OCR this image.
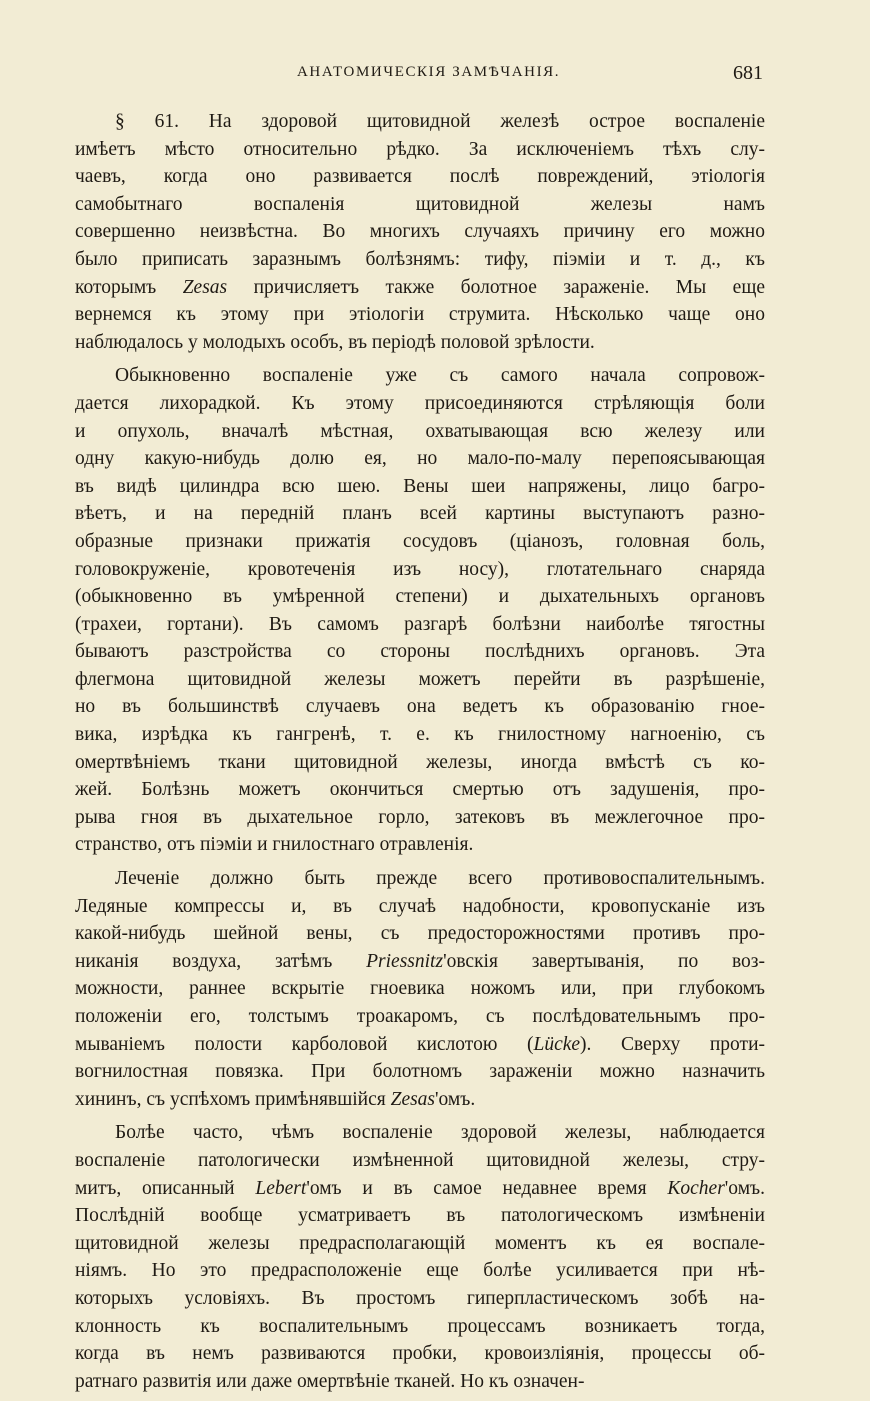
АНАТОМИЧЕСКIЯ ЗАМѢЧАНIЯ.	681
§ 61. На здоровой щитовидной железѣ острое воспаленiе
имѣетъ мѣсто относительно рѣдко. За исключенiемъ тѣхъ слу-
чаевъ, когда оно развивается послѣ повреждений, этiологiя
самобытнаго воспаленiя щитовидной железы намъ
совершенно неизвѣстна. Во многихъ случаяхъ причину его можно
было приписать заразнымъ болѣзнямъ: тифу, пiэмiи и т. д., къ
которымъ Zesas причисляетъ также болотное зараженiе. Мы еще
вернемся къ этому при этiологiи струмита. Нѣсколько чаще оно
наблюдалось у молодыхъ особъ, въ перiодѣ половой зрѣлости.
Обыкновенно воспаленiе уже съ самого начала сопровож-
дается лихорадкой. Къ этому присоединяются стрѣляющiя боли
и опухоль, вначалѣ мѣстная, охватывающая всю железу или
одну какую-нибудь долю ея, но мало-по-малу перепоясывающая
въ видѣ цилиндра всю шею. Вены шеи напряжены, лицо багро-
вѣетъ, и на переднiй планъ всей картины выступаютъ разно-
образные признаки прижатiя сосудовъ (цiанозъ, головная боль,
головокруженiе, кровотеченiя изъ носу), глотательнаго снаряда
(обыкновенно въ умѣренной степени) и дыхательныхъ органовъ
(трахеи, гортани). Въ самомъ разгарѣ болѣзни наиболѣе тягостны
бываютъ разстройства со стороны послѣднихъ органовъ. Эта
флегмона щитовидной железы можетъ перейти въ разрѣшенiе,
но въ большинствѣ случаевъ она ведетъ къ образованiю гное-
вика, изрѣдка къ гангренѣ, т. е. къ гнилостному нагноенiю, съ
омертвѣнiемъ ткани щитовидной железы, иногда вмѣстѣ съ ко-
жей. Болѣзнь можетъ окончиться смертью отъ задушенiя, про-
рыва гноя въ дыхательное горло, затековъ въ межлегочное про-
странство, отъ пiэмiи и гнилостнаго отравленiя.
Леченiе должно быть прежде всего противовоспалительнымъ.
Ледяные компрессы и, въ случаѣ надобности, кровопусканiе изъ
какой-нибудь шейной вены, съ предосторожностями противъ про-
никанiя воздуха, затѣмъ Priessnitz'овскiя завертыванiя, по воз-
можности, раннее вскрытiе гноевика ножомъ или, при глубокомъ
положенiи его, толстымъ троакаромъ, съ послѣдовательнымъ про-
мыванiемъ полости карболовой кислотою (Lücke). Сверху проти-
вогнилостная повязка. При болотномъ зараженiи можно назначить
хининъ, съ успѣхомъ примѣнявшiйся Zesas'омъ.
Болѣе часто, чѣмъ воспаленiе здоровой железы, наблюдается
воспаленiе патологически измѣненной щитовидной железы, стру-
митъ, описанный Lebert'омъ и въ самое недавнее время Kocher'омъ.
Послѣднiй вообще усматриваетъ въ патологическомъ измѣненiи
щитовидной железы предрасполагающiй моментъ къ ея воспале-
нiямъ. Но это предрасположенiе еще болѣе усиливается при нѣ-
которыхъ условiяхъ. Въ простомъ гиперпластическомъ зобѣ на-
клонность къ воспалительнымъ процессамъ возникаетъ тогда,
когда въ немъ развиваются пробки, кровоизлiянiя, процессы об-
ратнаго развитiя или даже омертвѣнiе тканей. Но къ означен-
